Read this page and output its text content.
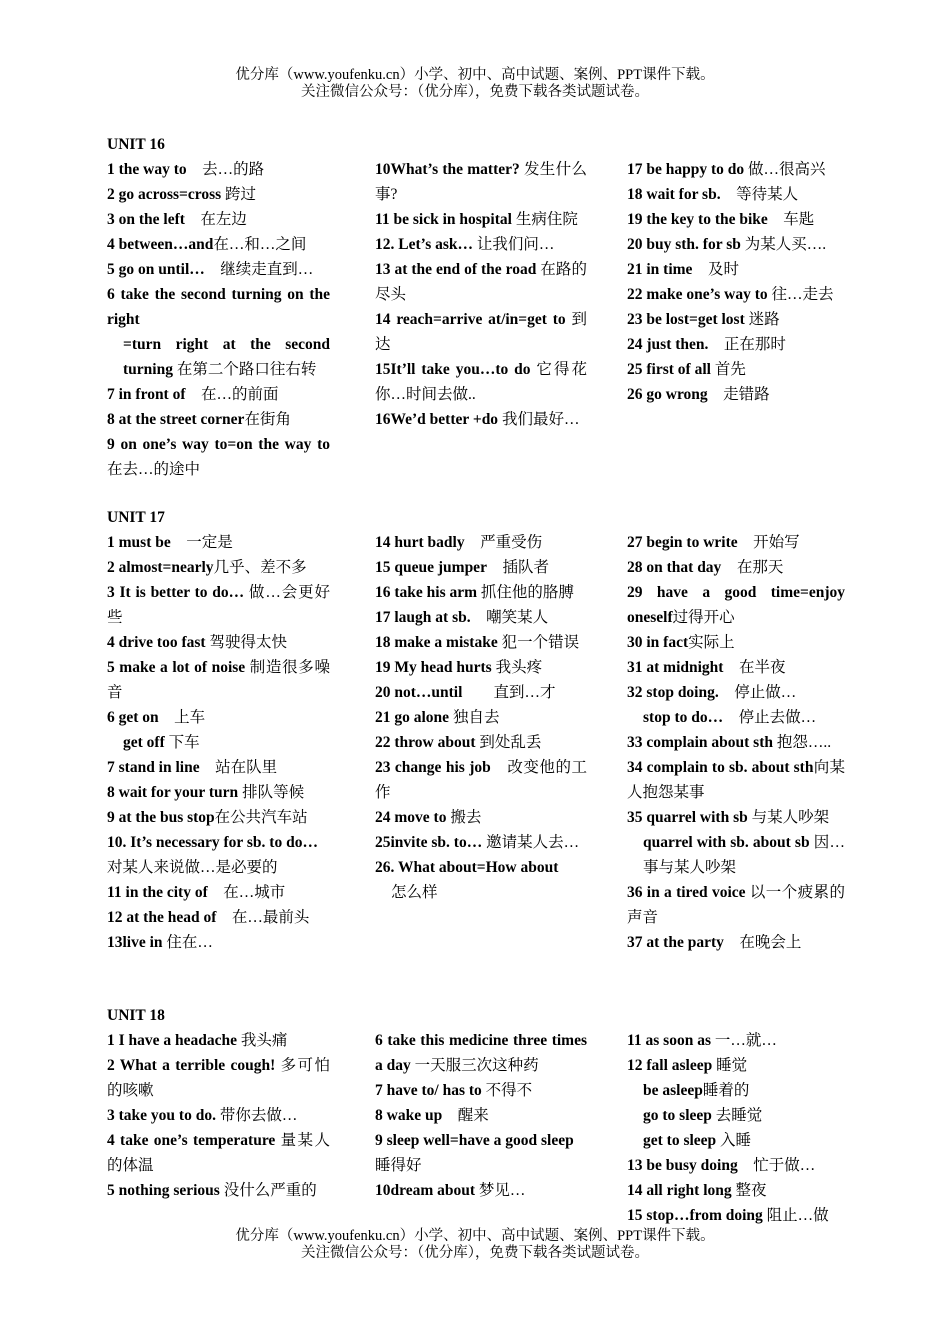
优分库（www.youfenku.cn）小学、初中、高中试题、案例、PPT课件下载。
关注微信公众号：（优分库），免费下载各类试题试卷。
UNIT 16
1 the way to　去…的路
2 go across=cross 跨过
3 on the left　在左边
4 between…and在…和…之间
5 go on until…　继续走直到…
6 take the second turning on the right
=turn right at the second turning 在第二个路口往右转
7 in front of　在…的前面
8 at the street corner在街角
9 on one’s way to=on the way to 在去…的途中
10What’s the matter? 发生什么事?
11 be sick in hospital 生病住院
12. Let’s ask… 让我们问…
13 at the end of the road 在路的尽头
14 reach=arrive at/in=get to 到达
15It’ll take you…to do 它得花你…时间去做..
16We’d better +do 我们最好…
17 be happy to do 做…很高兴
18 wait for sb.　等待某人
19 the key to the bike　车匙
20 buy sth. for sb 为某人买….
21 in time　及时
22 make one’s way to 往…走去
23 be lost=get lost 迷路
24 just then.　正在那时
25 first of all 首先
26 go wrong　走错路
UNIT 17
1 must be　一定是
2 almost=nearly几乎、差不多
3 It is better to do… 做…会更好些
4 drive too fast 驾驶得太快
5 make a lot of noise 制造很多噪音
6 get on　上车
get off 下车
7 stand in line　站在队里
8 wait for your turn 排队等候
9 at the bus stop在公共汽车站
10. It’s necessary for sb. to do…　对某人来说做…是必要的
11 in the city of　在…城市
12 at the head of　在…最前头
13live in 住在…
14 hurt badly　严重受伤
15 queue jumper　插队者
16 take his arm 抓住他的胳膊
17 laugh at sb.　嘲笑某人
18 make a mistake 犯一个错误
19 My head hurts 我头疼
20 not…until　　直到…才
21 go alone 独自去
22 throw about 到处乱丢
23 change his job　改变他的工作
24 move to 搬去
25invite sb. to… 邀请某人去…
26. What about=How about
怎么样
27 begin to write　开始写
28 on that day　在那天
29 have a good time=enjoy oneself过得开心
30 in fact实际上
31 at midnight　在半夜
32 stop doing.　停止做…
stop to do…　停止去做…
33 complain about sth 抱怨…..
34 complain to sb. about sth向某人抱怨某事
35 quarrel with sb 与某人吵架
quarrel with sb. about sb 因…事与某人吵架
36 in a tired voice 以一个疲累的声音
37 at the party　在晚会上
UNIT 18
1 I have a headache 我头痛
2 What a terrible cough! 多可怕的咳嗽
3 take you to do. 带你去做…
4 take one’s temperature 量某人的体温
5 nothing serious 没什么严重的
6 take this medicine three times a day 一天服三次这种药
7 have to/ has to 不得不
8 wake up　醒来
9 sleep well=have a good sleep　睡得好
10dream about 梦见…
11 as soon as 一…就…
12 fall asleep 睡觉
be asleep睡着的
go to sleep 去睡觉
get to sleep 入睡
13 be busy doing　忙于做…
14 all right long 整夜
15 stop…from doing 阻止…做
优分库（www.youfenku.cn）小学、初中、高中试题、案例、PPT课件下载。
关注微信公众号：（优分库），免费下载各类试题试卷。
